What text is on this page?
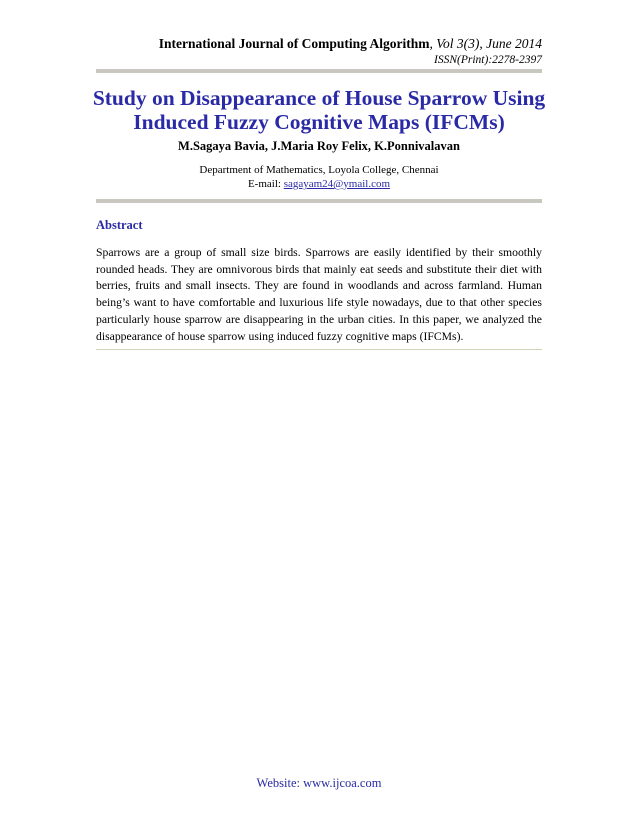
International Journal of Computing Algorithm, Vol 3(3), June 2014
ISSN(Print):2278-2397
Study on Disappearance of House Sparrow Using Induced Fuzzy Cognitive Maps (IFCMs)
M.Sagaya Bavia, J.Maria Roy Felix, K.Ponnivalavan
Department of Mathematics, Loyola College, Chennai
E-mail: sagayam24@ymail.com
Abstract
Sparrows are a group of small size birds. Sparrows are easily identified by their smoothly rounded heads. They are omnivorous birds that mainly eat seeds and substitute their diet with berries, fruits and small insects. They are found in woodlands and across farmland. Human being’s want to have comfortable and luxurious life style nowadays, due to that other species particularly house sparrow are disappearing in the urban cities. In this paper, we analyzed the disappearance of house sparrow using induced fuzzy cognitive maps (IFCMs).
Website: www.ijcoa.com
